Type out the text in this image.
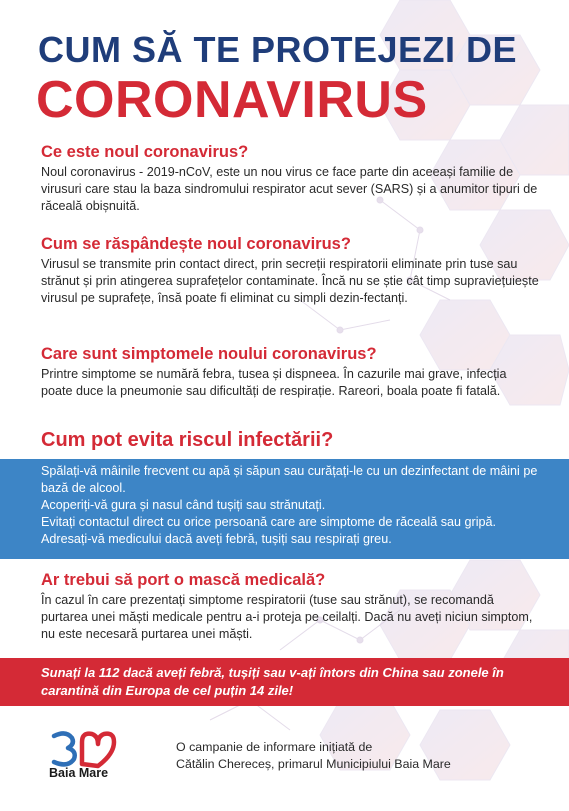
CUM SĂ TE PROTEJEZI DE
CORONAVIRUS
Ce este noul coronavirus?

Noul coronavirus - 2019-nCoV, este un nou virus ce face parte din aceeași familie de virusuri care stau la baza sindromului respirator acut sever (SARS) și a anumitor tipuri de răceală obișnuită.

Cum se răspândește noul coronavirus?

Virusul se transmite prin contact direct, prin secreții respiratorii eliminate prin tuse sau strănut și prin atingerea suprafețelor contaminate. Încă nu se știe cât timp supraviețuiește virusul pe suprafețe, însă poate fi eliminat cu simpli dezin-fectanți.

Care sunt simptomele noului coronavirus?

Printre simptome se numără febra, tusea și dispneea. În cazurile mai grave, infecția poate duce la pneumonie sau dificultăți de respirație. Rareori, boala poate fi fatală.

Cum pot evita riscul infectării?
Spălați-vă mâinile frecvent cu apă și săpun sau curățați-le cu un dezinfectant de mâini pe bază de alcool.
Acoperiți-vă gura și nasul când tușiți sau strănutați.
Evitați contactul direct cu orice persoană care are simptome de răceală sau gripă.
Adresați-vă medicului dacă aveți febră, tușiți sau respirați greu.
Ar trebui să port o mască medicală?

În cazul în care prezentați simptome respiratorii (tuse sau strănut), se recomandă purtarea unei măști medicale pentru a-i proteja pe ceilalți. Dacă nu aveți niciun simptom, nu este necesară purtarea unei măști.

Sunați la 112 dacă aveți febră, tușiți sau v-ați întors din China sau zonele în carantină din Europa de cel puțin 14 zile!

Baia Mare
O campanie de informare inițiată de
Cătălin Chereceș, primarul Municipiului Baia Mare
